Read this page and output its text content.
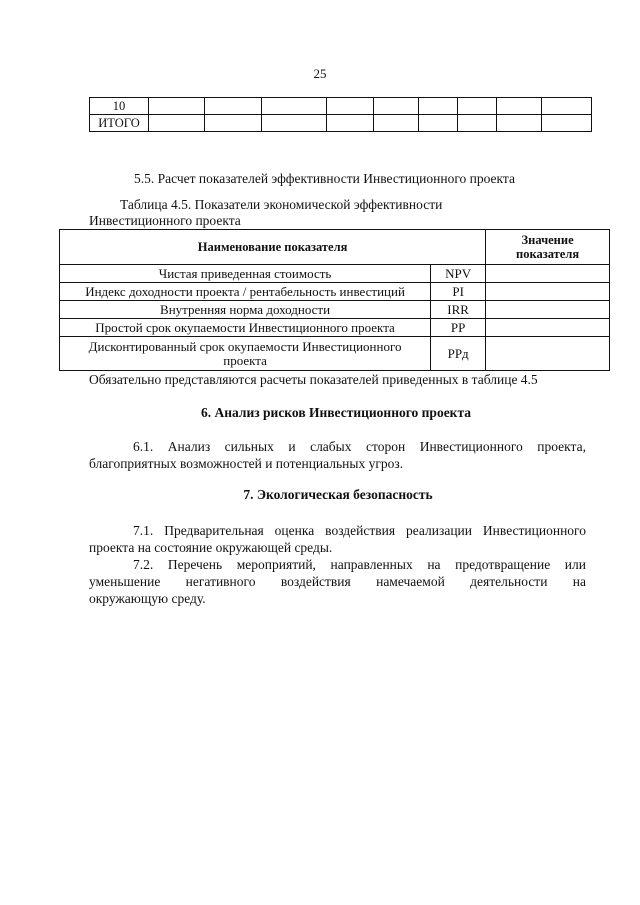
25
10									
ИТОГО									
5.5. Расчет показателей эффективности Инвестиционного проекта
Таблица 4.5. Показатели экономической эффективности
Инвестиционного проекта
Наименование показателя		Значение
показателя
Чистая приведенная стоимость	NPV	
Индекс доходности проекта / рентабельность инвестиций	PI	
Внутренняя норма доходности	IRR	
Простой срок окупаемости Инвестиционного проекта	PP	
Дисконтированный срок окупаемости Инвестиционного
проекта	PPд	
Обязательно представляются расчеты показателей приведенных в таблице 4.5
6. Анализ рисков Инвестиционного проекта
6.1. Анализ сильных и слабых сторон Инвестиционного проекта,
благоприятных возможностей и потенциальных угроз.
7. Экологическая безопасность
7.1. Предварительная оценка воздействия реализации Инвестиционного
проекта на состояние окружающей среды.
7.2. Перечень мероприятий, направленных на предотвращение или
уменьшение негативного воздействия намечаемой деятельности на
окружающую среду.
